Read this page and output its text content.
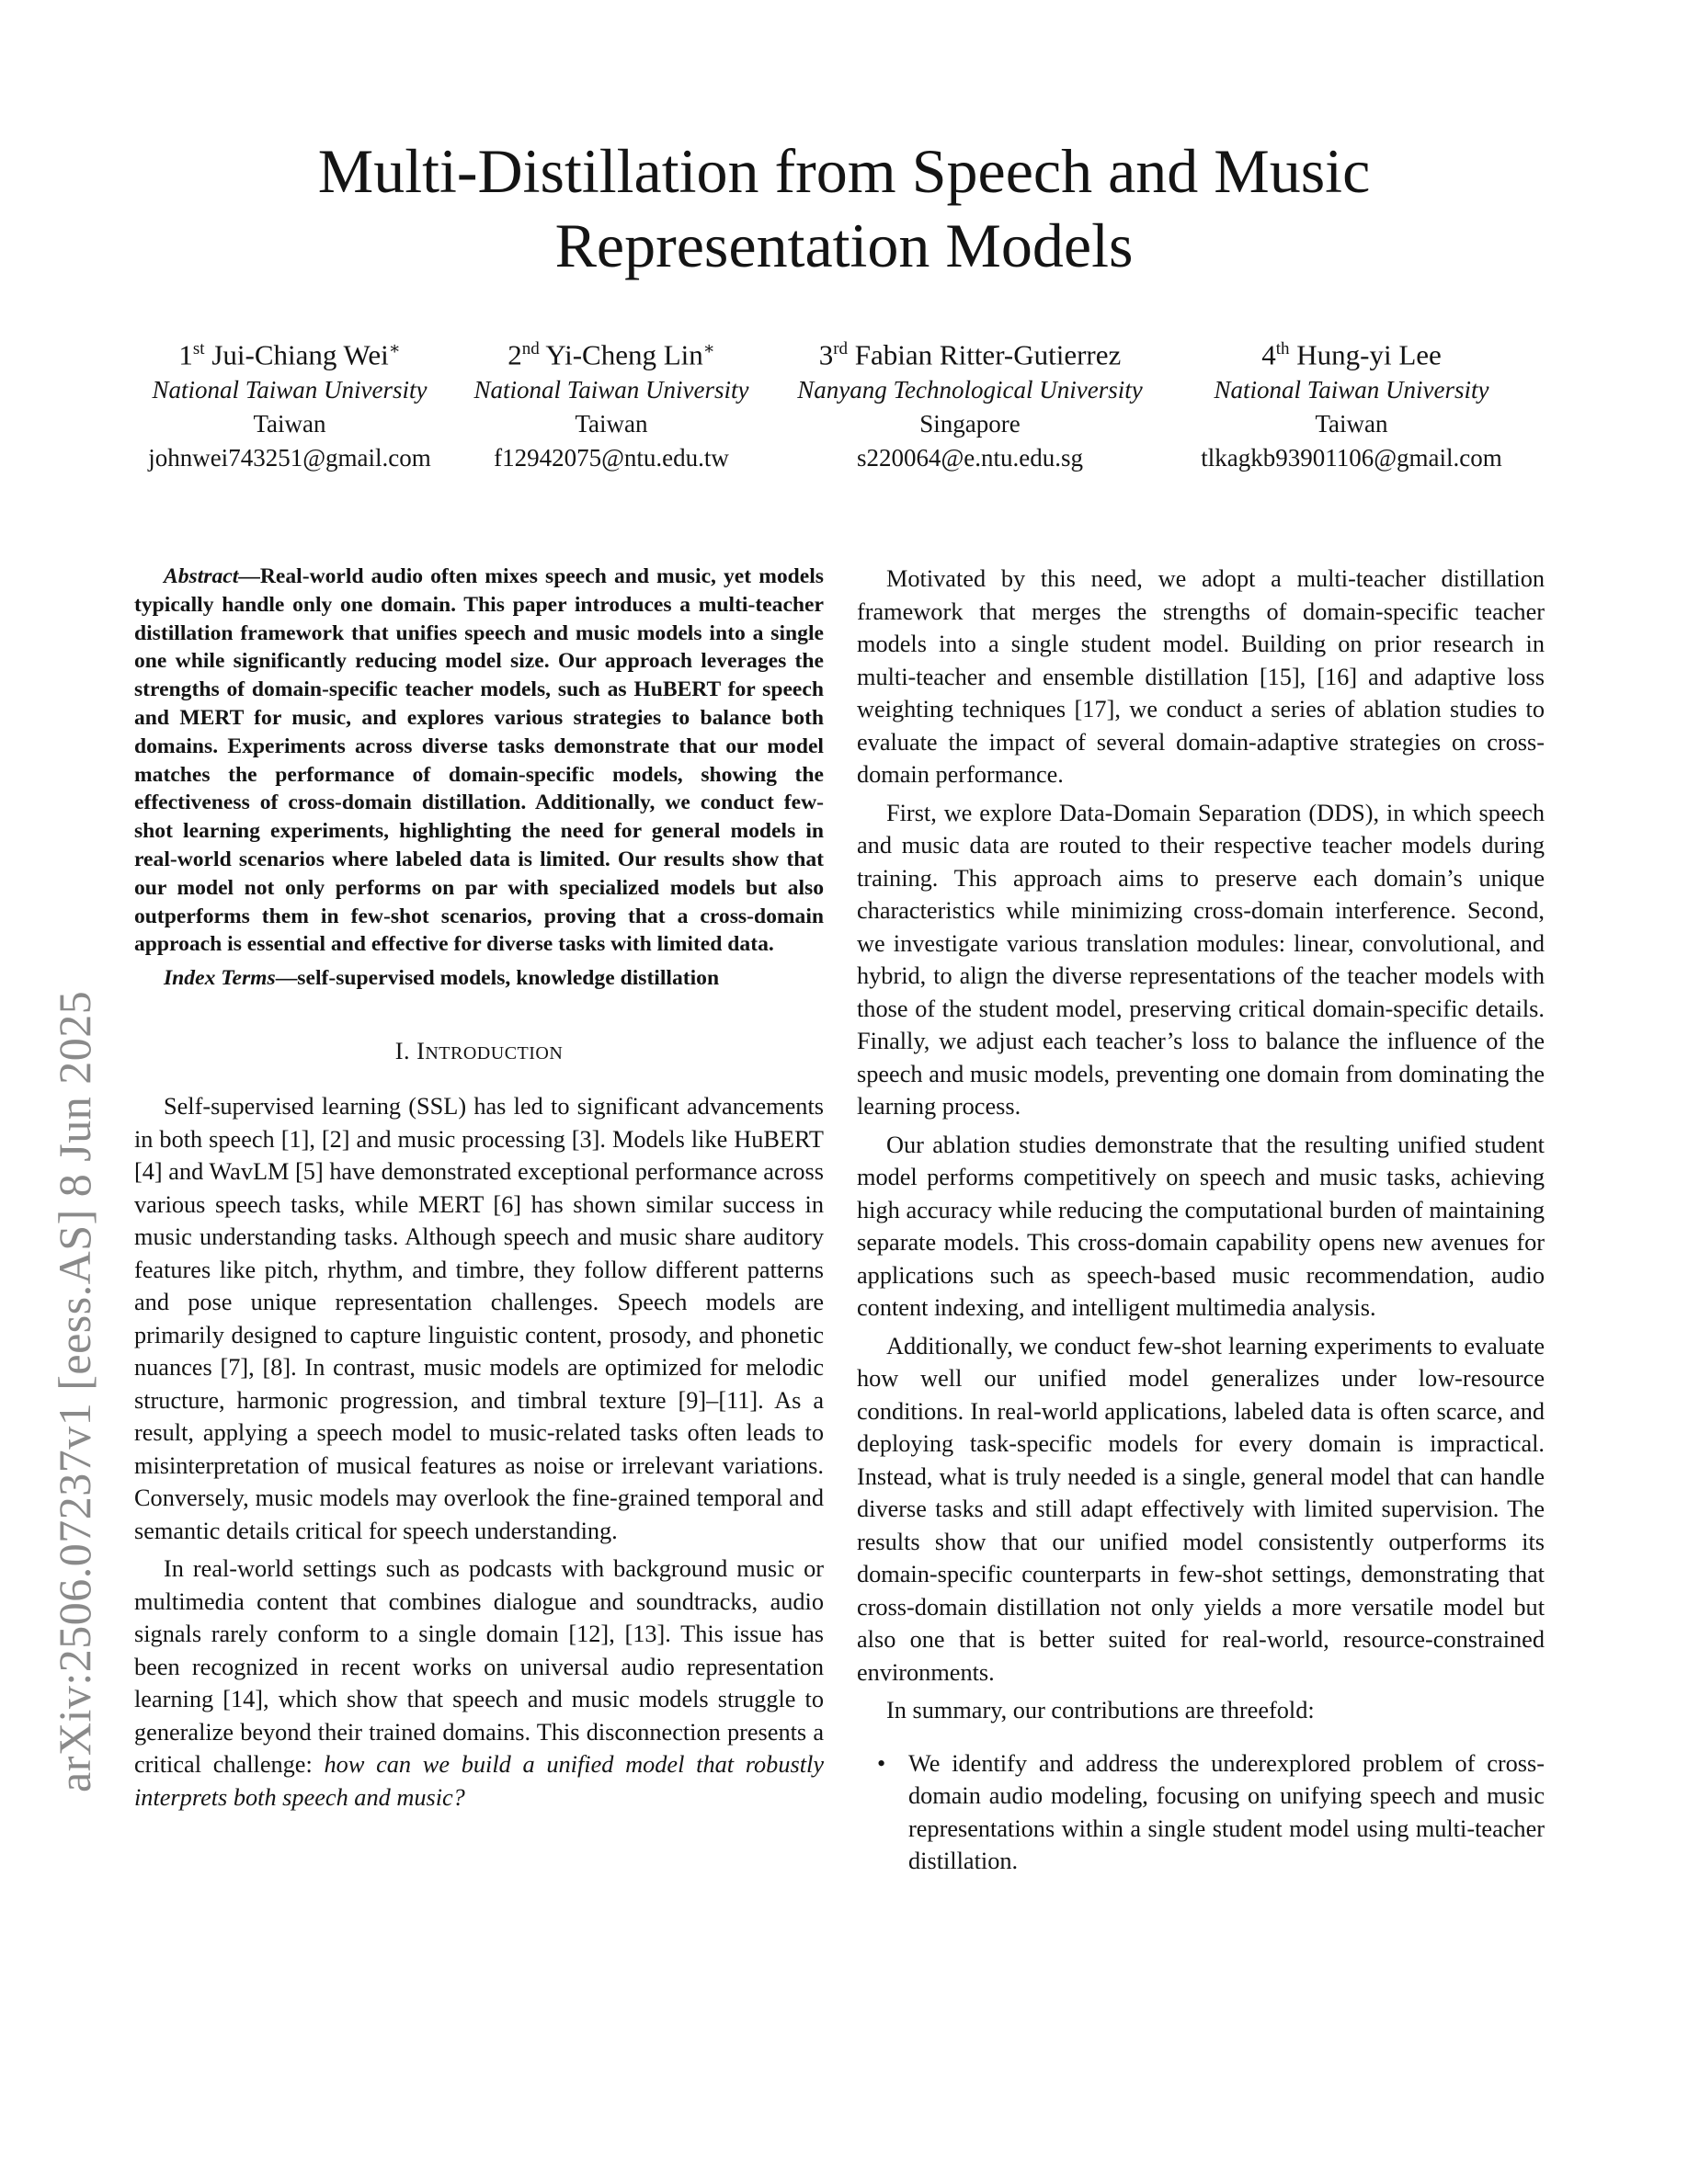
arXiv:2506.07237v1 [eess.AS] 8 Jun 2025
Multi-Distillation from Speech and Music
Representation Models
1st Jui-Chiang Wei∗
National Taiwan University
Taiwan
johnwei743251@gmail.com
2nd Yi-Cheng Lin∗
National Taiwan University
Taiwan
f12942075@ntu.edu.tw
3rd Fabian Ritter-Gutierrez
Nanyang Technological University
Singapore
s220064@e.ntu.edu.sg
4th Hung-yi Lee
National Taiwan University
Taiwan
tlkagkb93901106@gmail.com

Abstract—Real-world audio often mixes speech and music, yet models typically handle only one domain. This paper introduces a multi-teacher distillation framework that unifies speech and music models into a single one while significantly reducing model size. Our approach leverages the strengths of domain-specific teacher models, such as HuBERT for speech and MERT for music, and explores various strategies to balance both domains. Experiments across diverse tasks demonstrate that our model matches the performance of domain-specific models, showing the effectiveness of cross-domain distillation. Additionally, we conduct few-shot learning experiments, highlighting the need for general models in real-world scenarios where labeled data is limited. Our results show that our model not only performs on par with specialized models but also outperforms them in few-shot scenarios, proving that a cross-domain approach is essential and effective for diverse tasks with limited data.

Index Terms—self-supervised models, knowledge distillation

I. INTRODUCTION

Self-supervised learning (SSL) has led to significant advancements in both speech [1], [2] and music processing [3]. Models like HuBERT [4] and WavLM [5] have demonstrated exceptional performance across various speech tasks, while MERT [6] has shown similar success in music understanding tasks. Although speech and music share auditory features like pitch, rhythm, and timbre, they follow different patterns and pose unique representation challenges. Speech models are primarily designed to capture linguistic content, prosody, and phonetic nuances [7], [8]. In contrast, music models are optimized for melodic structure, harmonic progression, and timbral texture [9]–[11]. As a result, applying a speech model to music-related tasks often leads to misinterpretation of musical features as noise or irrelevant variations. Conversely, music models may overlook the fine-grained temporal and semantic details critical for speech understanding.

In real-world settings such as podcasts with background music or multimedia content that combines dialogue and soundtracks, audio signals rarely conform to a single domain [12], [13]. This issue has been recognized in recent works on universal audio representation learning [14], which show that speech and music models struggle to generalize beyond their trained domains. This disconnection presents a critical challenge: how can we build a unified model that robustly interprets both speech and music?

Motivated by this need, we adopt a multi-teacher distillation framework that merges the strengths of domain-specific teacher models into a single student model. Building on prior research in multi-teacher and ensemble distillation [15], [16] and adaptive loss weighting techniques [17], we conduct a series of ablation studies to evaluate the impact of several domain-adaptive strategies on cross-domain performance.

First, we explore Data-Domain Separation (DDS), in which speech and music data are routed to their respective teacher models during training. This approach aims to preserve each domain’s unique characteristics while minimizing cross-domain interference. Second, we investigate various translation modules: linear, convolutional, and hybrid, to align the diverse representations of the teacher models with those of the student model, preserving critical domain-specific details. Finally, we adjust each teacher’s loss to balance the influence of the speech and music models, preventing one domain from dominating the learning process.

Our ablation studies demonstrate that the resulting unified student model performs competitively on speech and music tasks, achieving high accuracy while reducing the computational burden of maintaining separate models. This cross-domain capability opens new avenues for applications such as speech-based music recommendation, audio content indexing, and intelligent multimedia analysis.

Additionally, we conduct few-shot learning experiments to evaluate how well our unified model generalizes under low-resource conditions. In real-world applications, labeled data is often scarce, and deploying task-specific models for every domain is impractical. Instead, what is truly needed is a single, general model that can handle diverse tasks and still adapt effectively with limited supervision. The results show that our unified model consistently outperforms its domain-specific counterparts in few-shot settings, demonstrating that cross-domain distillation not only yields a more versatile model but also one that is better suited for real-world, resource-constrained environments.

In summary, our contributions are threefold:

• We identify and address the underexplored problem of cross-domain audio modeling, focusing on unifying speech and music representations within a single student model using multi-teacher distillation.
